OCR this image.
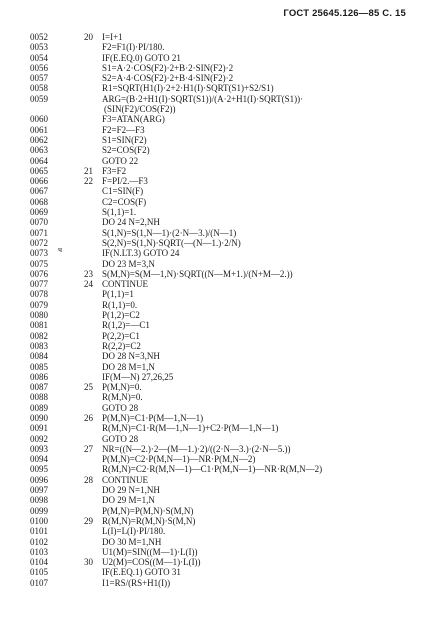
ГОСТ 25645.126—85 С. 15
ч
0052	20	I=I+1
0053	F2=F1(I)·PI/180.
0054	IF(E.EQ.0) GOTO 21
0056	S1=A·2·COS(F2)·2+B·2·SIN(F2)·2
0057	S2=A·4·COS(F2)·2+B·4·SIN(F2)·2
0058	R1=SQRT(H1(I)·2+2·H1(I)·SQRT(S1)+S2/S1)
0059	ARG=(B·2+H1(I)·SQRT(S1))/(A·2+H1(I)·SQRT(S1))·
(SIN(F2)/COS(F2))
0060	F3=ATAN(ARG)
0061	F2=F2—F3
0062	S1=SIN(F2)
0063	S2=COS(F2)
0064	GOTO 22
0065	21	F3=F2
0066	22	F=PI/2.—F3
0067	C1=SIN(F)
0068	C2=COS(F)
0069	S(1,1)=1.
0070	DO 24 N=2,NH
0071	S(1,N)=S(1,N—1)·(2·N—3.)/(N—1)
0072	S(2,N)=S(1,N)·SQRT(—(N—1.)·2/N)
0073	IF(N.LT.3) GOTO 24
0075	DO 23 M=3,N
0076	23	S(M,N)=S(M—1,N)·SQRT((N—M+1.)/(N+M—2.))
0077	24	CONTINUE
0078	P(1,1)=1
0079	R(1,1)=0.
0080	P(1,2)=C2
0081	R(1,2)=—C1
0082	P(2,2)=C1
0083	R(2,2)=C2
0084	DO 28 N=3,NH
0085	DO 28 M=1,N
0086	IF(M—N) 27,26,25
0087	25	P(M,N)=0.
0088	R(M,N)=0.
0089	GOTO 28
0090	26	P(M,N)=C1·P(M—1,N—1)
0091	R(M,N)=C1·R(M—1,N—1)+C2·P(M—1,N—1)
0092	GOTO 28
0093	27	NR=((N—2.)·2—(M—1.)·2)/((2·N—3.)·(2·N—5.))
0094	P(M,N)=C2·P(M,N—1)—NR·P(M,N—2)
0095	R(M,N)=C2·R(M,N—1)—C1·P(M,N—1)—NR·R(M,N—2)
0096	28	CONTINUE
0097	DO 29 N=1,NH
0098	DO 29 M=1,N
0099	P(M,N)=P(M,N)·S(M,N)
0100	29	R(M,N)=R(M,N)·S(M,N)
0101	L(I)=L(I)·PI/180.
0102	DO 30 M=1,NH
0103	U1(M)=SIN((M—1)·L(I))
0104	30	U2(M)=COS((M—1)·L(I))
0105	IF(E.EQ.1) GOTO 31
0107	I1=RS/(RS+H1(I))
